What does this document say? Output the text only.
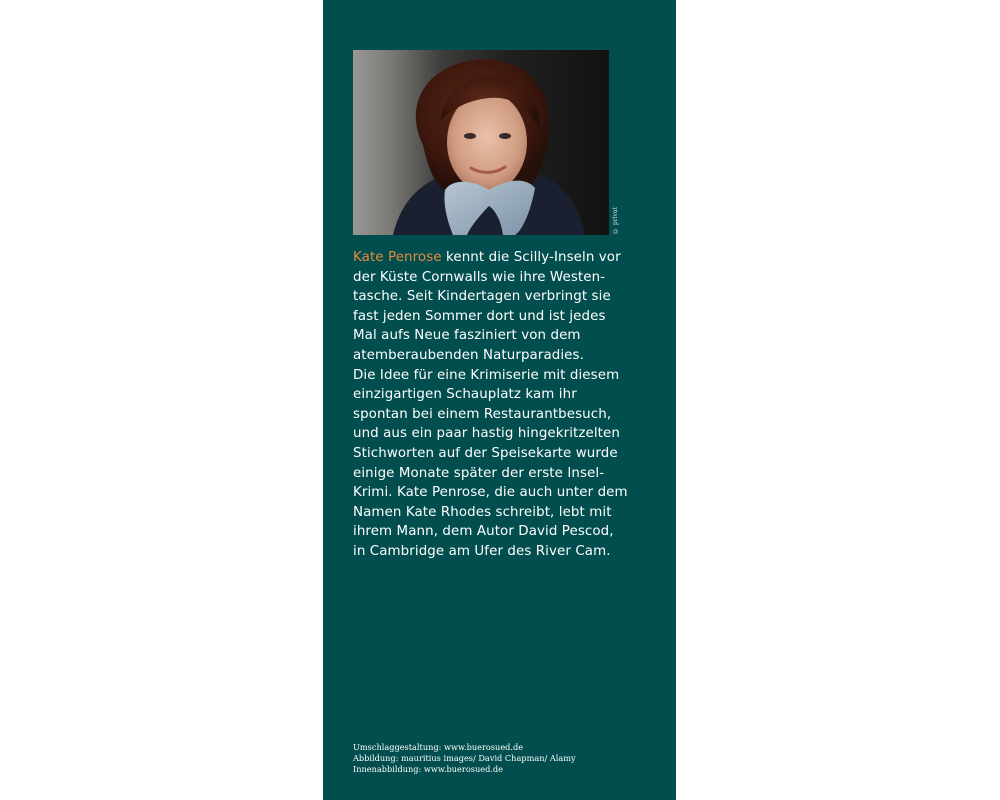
© privat
Kate Penrose kennt die Scilly-Inseln vor
der Küste Cornwalls wie ihre Westen-
tasche. Seit Kindertagen verbringt sie
fast jeden Sommer dort und ist jedes
Mal aufs Neue fasziniert von dem
atemberaubenden Naturparadies.
Die Idee für eine Krimiserie mit diesem
einzigartigen Schauplatz kam ihr
spontan bei einem Restaurantbesuch,
und aus ein paar hastig hingekritzelten
Stichworten auf der Speisekarte wurde
einige Monate später der erste Insel-
Krimi. Kate Penrose, die auch unter dem
Namen Kate Rhodes schreibt, lebt mit
ihrem Mann, dem Autor David Pescod,
in Cambridge am Ufer des River Cam.
Umschlaggestaltung: www.buerosued.de
Abbildung: mauritius images/ David Chapman/ Alamy
Innenabbildung: www.buerosued.de
